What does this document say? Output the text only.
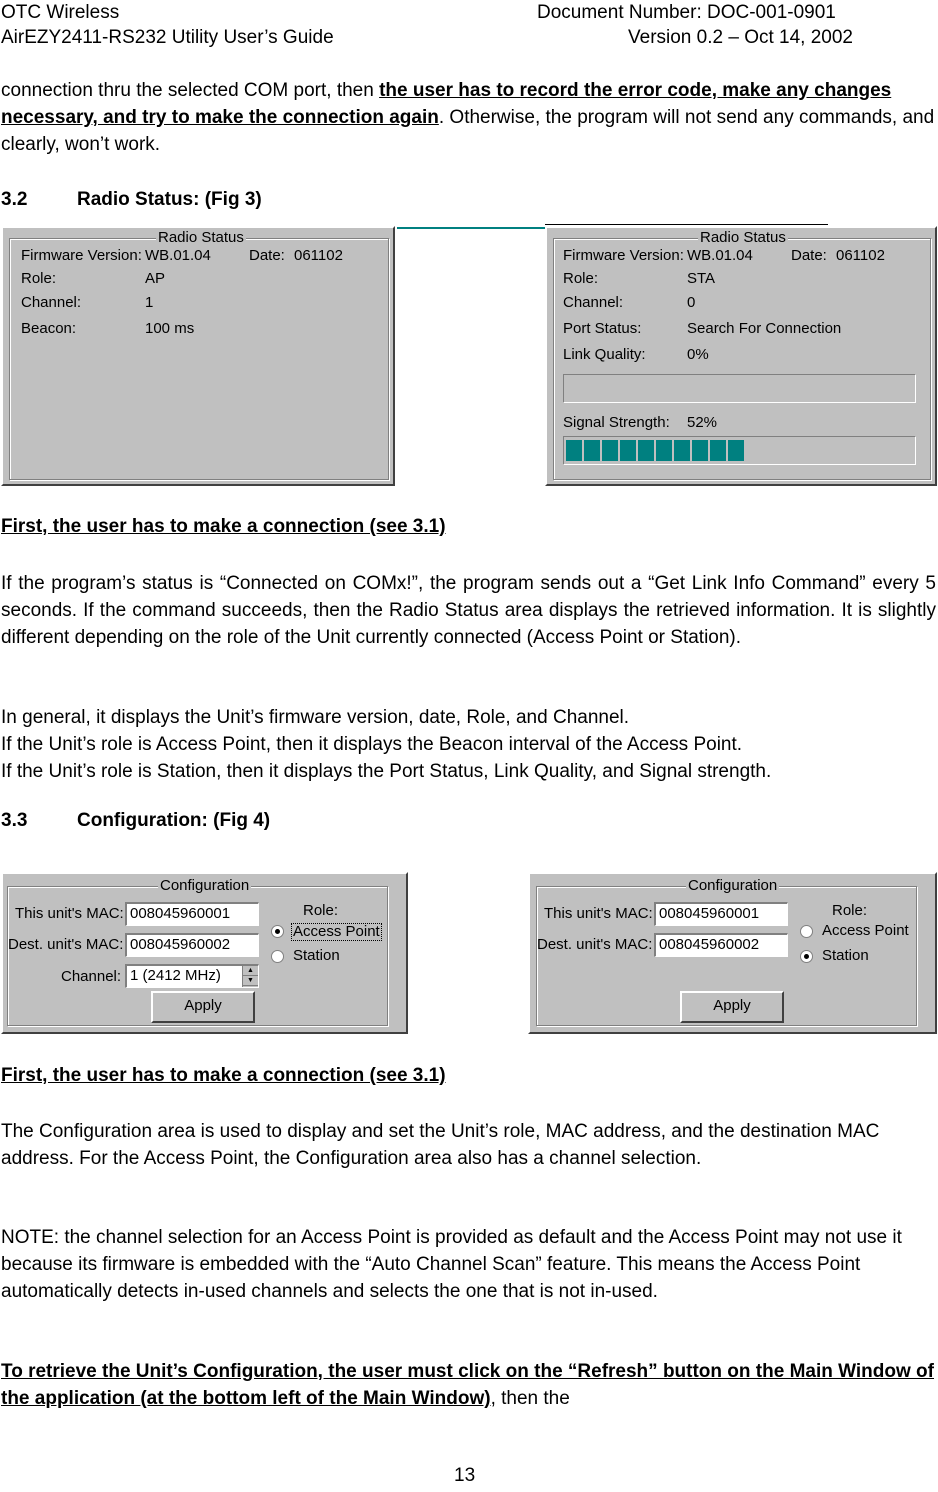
OTC Wireless	Document Number: DOC-001-0901
AirEZY2411-RS232 Utility User’s Guide	Version 0.2 – Oct 14, 2002
connection thru the selected COM port, then the user has to record the error code, make any changes necessary, and try to make the connection again. Otherwise, the program will not send any commands, and clearly, won’t work.
3.2	Radio Status: (Fig 3)
Radio Status
Firmware Version: WB.01.04	Date: 061102
Role:	AP
Channel:	1
Beacon:	100 ms
Radio Status
Firmware Version: WB.01.04	Date: 061102
Role:	STA
Channel:	0
Port Status:	Search For Connection
Link Quality:	0%
Signal Strength: 52%
First, the user has to make a connection (see 3.1)
If the program’s status is “Connected on COMx!”, the program sends out a “Get Link Info Command” every 5 seconds. If the command succeeds, then the Radio Status area displays the retrieved information. It is slightly different depending on the role of the Unit currently connected (Access Point or Station).
In general, it displays the Unit’s firmware version, date, Role, and Channel.
If the Unit’s role is Access Point, then it displays the Beacon interval of the Access Point.
If the Unit’s role is Station, then it displays the Port Status, Link Quality, and Signal strength.
3.3	Configuration: (Fig 4)
Configuration
This unit's MAC: 008045960001
Dest. unit's MAC: 008045960002
Channel: 1 (2412 MHz)	▲
▼
Role:
Access Point
Station
Apply
Configuration
This unit's MAC: 008045960001
Dest. unit's MAC: 008045960002
Role:
Access Point
Station
Apply
First, the user has to make a connection (see 3.1)
The Configuration area is used to display and set the Unit’s role, MAC address, and the destination MAC address. For the Access Point, the Configuration area also has a channel selection.
NOTE: the channel selection for an Access Point is provided as default and the Access Point may not use it because its firmware is embedded with the “Auto Channel Scan” feature. This means the Access Point automatically detects in-used channels and selects the one that is not in-used.
To retrieve the Unit’s Configuration, the user must click on the “Refresh” button on the Main Window of the application (at the bottom left of the Main Window), then the
13
